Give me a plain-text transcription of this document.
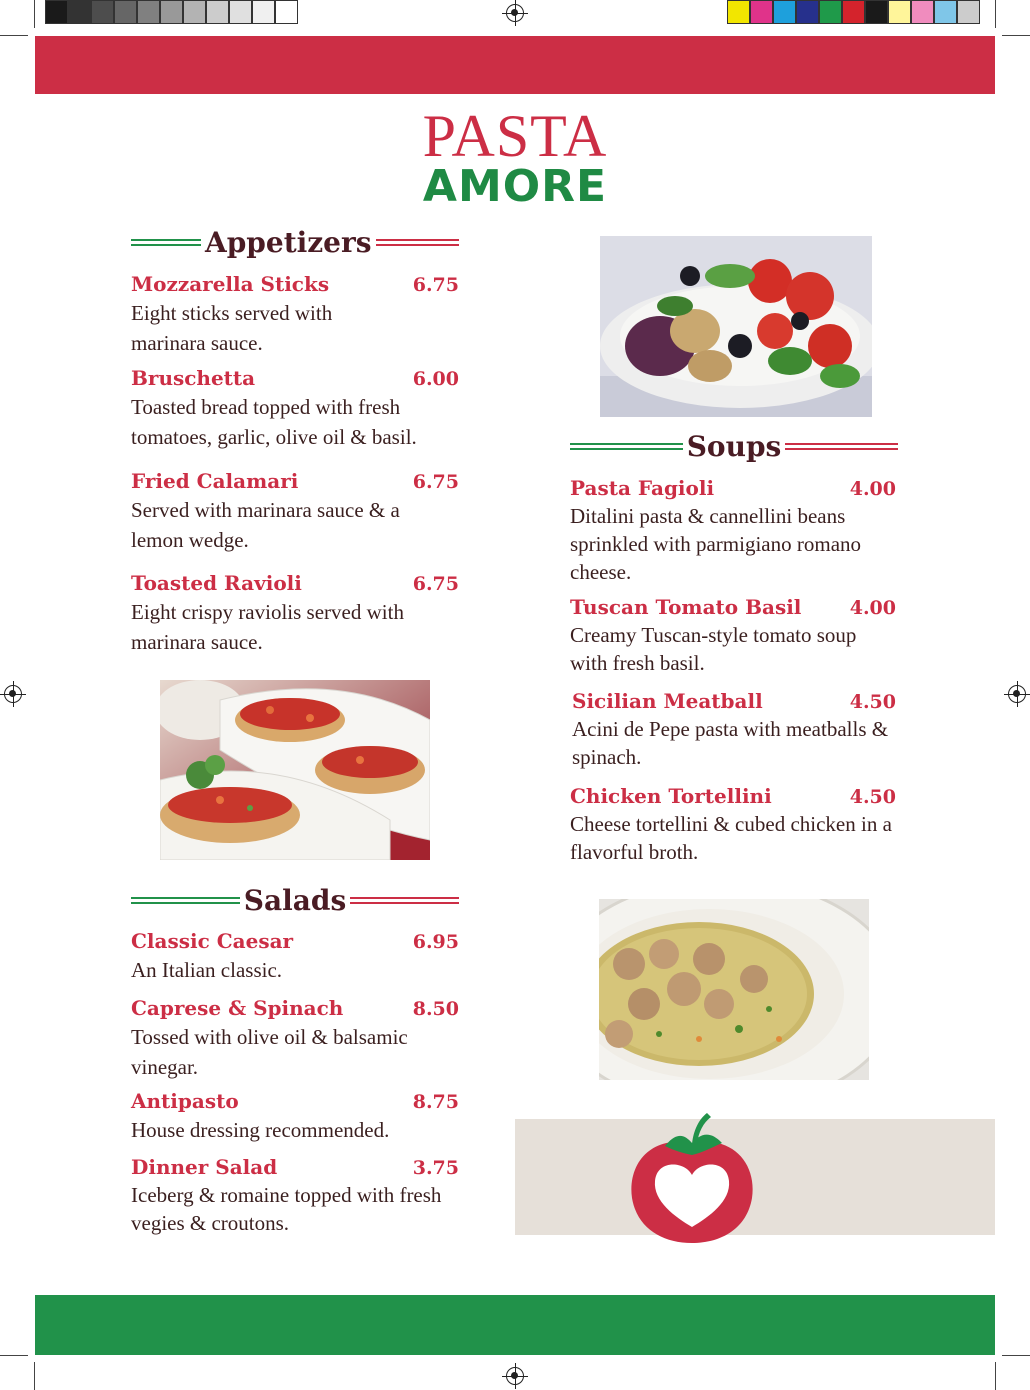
PASTA
AMORE
Appetizers
Mozzarella Sticks	6.75
Eight sticks served with marinara sauce.
Bruschetta	6.00
Toasted bread topped with fresh tomatoes, garlic, olive oil & basil.
Fried Calamari	6.75
Served with marinara sauce & a lemon wedge.
Toasted Ravioli	6.75
Eight crispy raviolis served with marinara sauce.
Salads
Classic Caesar	6.95
An Italian classic.
Caprese & Spinach	8.50
Tossed with olive oil & balsamic vinegar.
Antipasto	8.75
House dressing recommended.
Dinner Salad	3.75
Iceberg & romaine topped with fresh vegies & croutons.
Soups
Pasta Fagioli	4.00
Ditalini pasta & cannellini beans sprinkled with parmigiano romano cheese.
Tuscan Tomato Basil	4.00
Creamy Tuscan-style tomato soup with fresh basil.
Sicilian Meatball	4.50
Acini de Pepe pasta with meatballs & spinach.
Chicken Tortellini	4.50
Cheese tortellini & cubed chicken in a flavorful broth.
